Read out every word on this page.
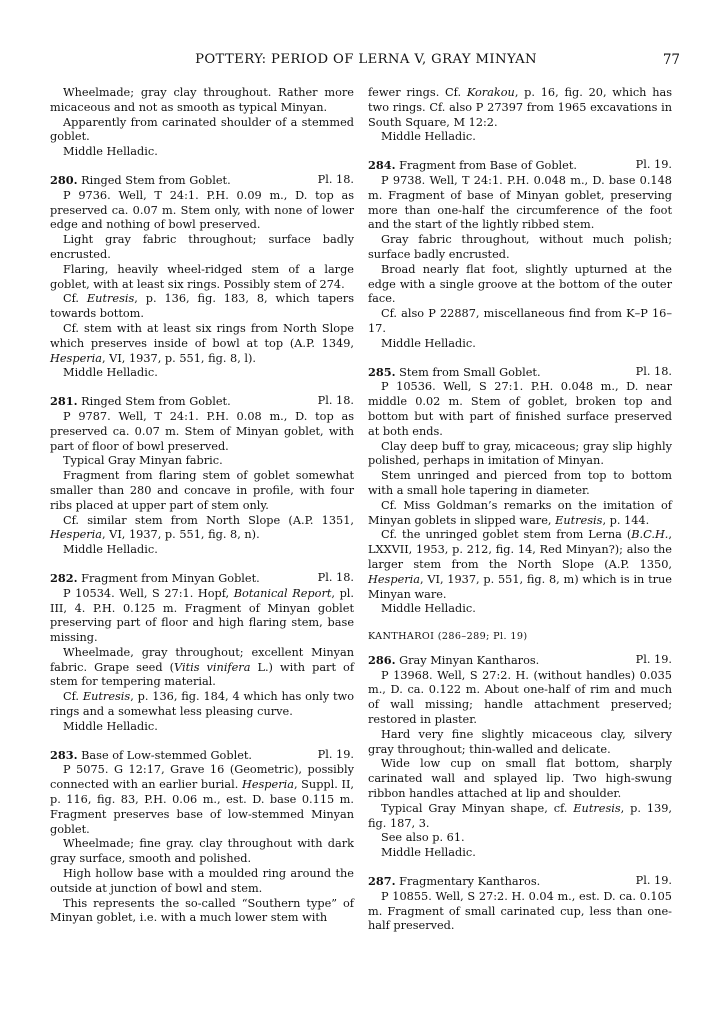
POTTERY: PERIOD OF LERNA V, GRAY MINYAN	77

Wheelmade; gray clay throughout. Rather more micaceous and not as smooth as typical Minyan.

Apparently from carinated shoulder of a stemmed goblet.

Middle Helladic.

280. Ringed Stem from Goblet.	Pl. 18.

P 9736. Well, T 24:1. P.H. 0.09 m., D. top as preserved ca. 0.07 m. Stem only, with none of lower edge and nothing of bowl preserved.

Light gray fabric throughout; surface badly encrusted.

Flaring, heavily wheel-ridged stem of a large goblet, with at least six rings. Possibly stem of 274.

Cf. Eutresis, p. 136, fig. 183, 8, which tapers towards bottom.

Cf. stem with at least six rings from North Slope which preserves inside of bowl at top (A.P. 1349, Hesperia, VI, 1937, p. 551, fig. 8, l).

Middle Helladic.

281. Ringed Stem from Goblet.	Pl. 18.

P 9787. Well, T 24:1. P.H. 0.08 m., D. top as preserved ca. 0.07 m. Stem of Minyan goblet, with part of floor of bowl preserved.

Typical Gray Minyan fabric.

Fragment from flaring stem of goblet somewhat smaller than 280 and concave in profile, with four ribs placed at upper part of stem only.

Cf. similar stem from North Slope (A.P. 1351, Hesperia, VI, 1937, p. 551, fig. 8, n).

Middle Helladic.

282. Fragment from Minyan Goblet.	Pl. 18.

P 10534. Well, S 27:1. Hopf, Botanical Report, pl. III, 4. P.H. 0.125 m. Fragment of Minyan goblet preserving part of floor and high flaring stem, base missing.

Wheelmade, gray throughout; excellent Minyan fabric. Grape seed (Vitis vinifera L.) with part of stem for tempering material.

Cf. Eutresis, p. 136, fig. 184, 4 which has only two rings and a somewhat less pleasing curve.

Middle Helladic.

283. Base of Low-stemmed Goblet.	Pl. 19.

P 5075. G 12:17, Grave 16 (Geometric), possibly connected with an earlier burial. Hesperia, Suppl. II, p. 116, fig. 83, P.H. 0.06 m., est. D. base 0.115 m. Fragment preserves base of low-stemmed Minyan goblet.

Wheelmade; fine gray. clay throughout with dark gray surface, smooth and polished.

High hollow base with a moulded ring around the outside at junction of bowl and stem.

This represents the so-called “Southern type” of Minyan goblet, i.e. with a much lower stem with

fewer rings. Cf. Korakou, p. 16, fig. 20, which has two rings. Cf. also P 27397 from 1965 excavations in South Square, M 12:2.

Middle Helladic.

284. Fragment from Base of Goblet.	Pl. 19.

P 9738. Well, T 24:1. P.H. 0.048 m., D. base 0.148 m. Fragment of base of Minyan goblet, preserving more than one-half the circumference of the foot and the start of the lightly ribbed stem.

Gray fabric throughout, without much polish; surface badly encrusted.

Broad nearly flat foot, slightly upturned at the edge with a single groove at the bottom of the outer face.

Cf. also P 22887, miscellaneous find from K–P 16–17.

Middle Helladic.

285. Stem from Small Goblet.	Pl. 18.

P 10536. Well, S 27:1. P.H. 0.048 m., D. near middle 0.02 m. Stem of goblet, broken top and bottom but with part of finished surface preserved at both ends.

Clay deep buff to gray, micaceous; gray slip highly polished, perhaps in imitation of Minyan.

Stem unringed and pierced from top to bottom with a small hole tapering in diameter.

Cf. Miss Goldman’s remarks on the imitation of Minyan goblets in slipped ware, Eutresis, p. 144.

Cf. the unringed goblet stem from Lerna (B.C.H., LXXVII, 1953, p. 212, fig. 14, Red Minyan?); also the larger stem from the North Slope (A.P. 1350, Hesperia, VI, 1937, p. 551, fig. 8, m) which is in true Minyan ware.

Middle Helladic.

KANTHAROI (286–289; Pl. 19)

286. Gray Minyan Kantharos.	Pl. 19.

P 13968. Well, S 27:2. H. (without handles) 0.035 m., D. ca. 0.122 m. About one-half of rim and much of wall missing; handle attachment preserved; restored in plaster.

Hard very fine slightly micaceous clay, silvery gray throughout; thin-walled and delicate.

Wide low cup on small flat bottom, sharply carinated wall and splayed lip. Two high-swung ribbon handles attached at lip and shoulder.

Typical Gray Minyan shape, cf. Eutresis, p. 139, fig. 187, 3.

See also p. 61.

Middle Helladic.

287. Fragmentary Kantharos.	Pl. 19.

P 10855. Well, S 27:2. H. 0.04 m., est. D. ca. 0.105 m. Fragment of small carinated cup, less than one-half preserved.
